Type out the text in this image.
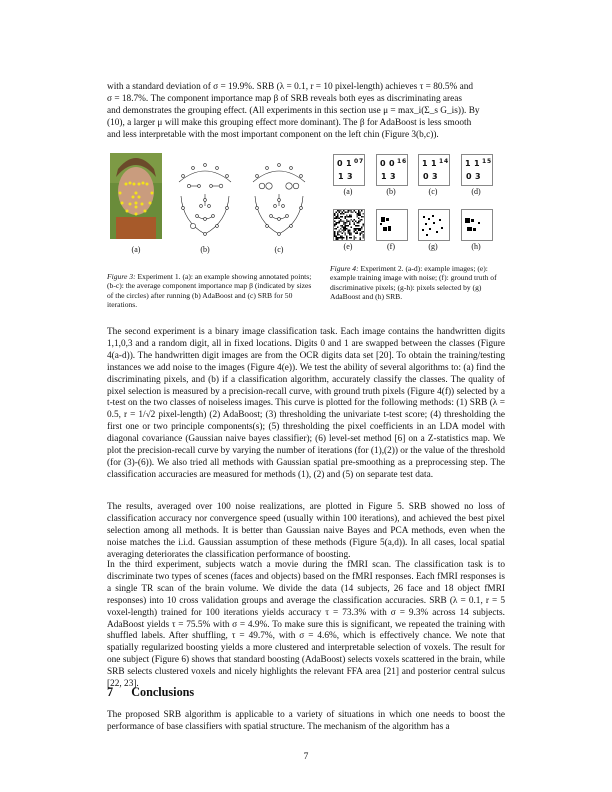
with a standard deviation of σ = 19.9%. SRB (λ = 0.1, r = 10 pixel-length) achieves τ = 80.5% and
σ = 18.7%. The component importance map β of SRB reveals both eyes as discriminating areas
and demonstrates the grouping effect. (All experiments in this section use μ = max_i(Σ_s G_is)). By
(10), a larger μ will make this grouping effect more dominant). The β for AdaBoost is less smooth
and less interpretable with the most important component on the left chin (Figure 3(b,c)).
(a)	(b)	(c)
Figure 3: Experiment 1. (a): an example showing annotated points; (b-c): the average component importance map β (indicated by sizes of the circles) after running (b) AdaBoost and (c) SRB for 50 iterations.
0 1 0 7
1 3
0 0 1 6
1 3
1 1 1 4
0 3
1 1 1 5
0 3
(a)	(b)	(c)	(d)
(e)	(f)	(g)	(h)
Figure 4: Experiment 2. (a-d): example images; (e): example training image with noise; (f): ground truth of discriminative pixels; (g-h): pixels selected by (g) AdaBoost and (h) SRB.

The second experiment is a binary image classification task. Each image contains the handwritten digits 1,1,0,3 and a random digit, all in fixed locations. Digits 0 and 1 are swapped between the classes (Figure 4(a-d)). The handwritten digit images are from the OCR digits data set [20]. To obtain the training/testing instances we add noise to the images (Figure 4(e)). We test the ability of several algorithms to: (a) find the discriminating pixels, and (b) if a classification algorithm, accurately classify the classes. The quality of pixel selection is measured by a precision-recall curve, with ground truth pixels (Figure 4(f)) selected by a t-test on the two classes of noiseless images. This curve is plotted for the following methods: (1) SRB (λ = 0.5, r = 1/√2 pixel-length) (2) AdaBoost; (3) thresholding the univariate t-test score; (4) thresholding the first one or two principle components(s); (5) thresholding the pixel coefficients in an LDA model with diagonal covariance (Gaussian naive bayes classifier); (6) level-set method [6] on a Z-statistics map. We plot the precision-recall curve by varying the number of iterations (for (1),(2)) or the value of the threshold (for (3)-(6)). We also tried all methods with Gaussian spatial pre-smoothing as a preprocessing step. The classification accuracies are measured for methods (1), (2) and (5) on separate test data.

The results, averaged over 100 noise realizations, are plotted in Figure 5. SRB showed no loss of classification accuracy nor convergence speed (usually within 100 iterations), and achieved the best pixel selection among all methods. It is better than Gaussian naive Bayes and PCA methods, even when the noise matches the i.i.d. Gaussian assumption of these methods (Figure 5(a,d)). In all cases, local spatial averaging deteriorates the classification performance of boosting.

In the third experiment, subjects watch a movie during the fMRI scan. The classification task is to discriminate two types of scenes (faces and objects) based on the fMRI responses. Each fMRI responses is a single TR scan of the brain volume. We divide the data (14 subjects, 26 face and 18 object fMRI responses) into 10 cross validation groups and average the classification accuracies. SRB (λ = 0.1, r = 5 voxel-length) trained for 100 iterations yields accuracy τ = 73.3% with σ = 9.3% across 14 subjects. AdaBoost yields τ = 75.5% with σ = 4.9%. To make sure this is significant, we repeated the training with shuffled labels. After shuffling, τ = 49.7%, with σ = 4.6%, which is effectively chance. We note that spatially regularized boosting yields a more clustered and interpretable selection of voxels. The result for one subject (Figure 6) shows that standard boosting (AdaBoost) selects voxels scattered in the brain, while SRB selects clustered voxels and nicely highlights the relevant FFA area [21] and posterior central sulcus [22, 23].

7 Conclusions

The proposed SRB algorithm is applicable to a variety of situations in which one needs to boost the performance of base classifiers with spatial structure. The mechanism of the algorithm has a

7
